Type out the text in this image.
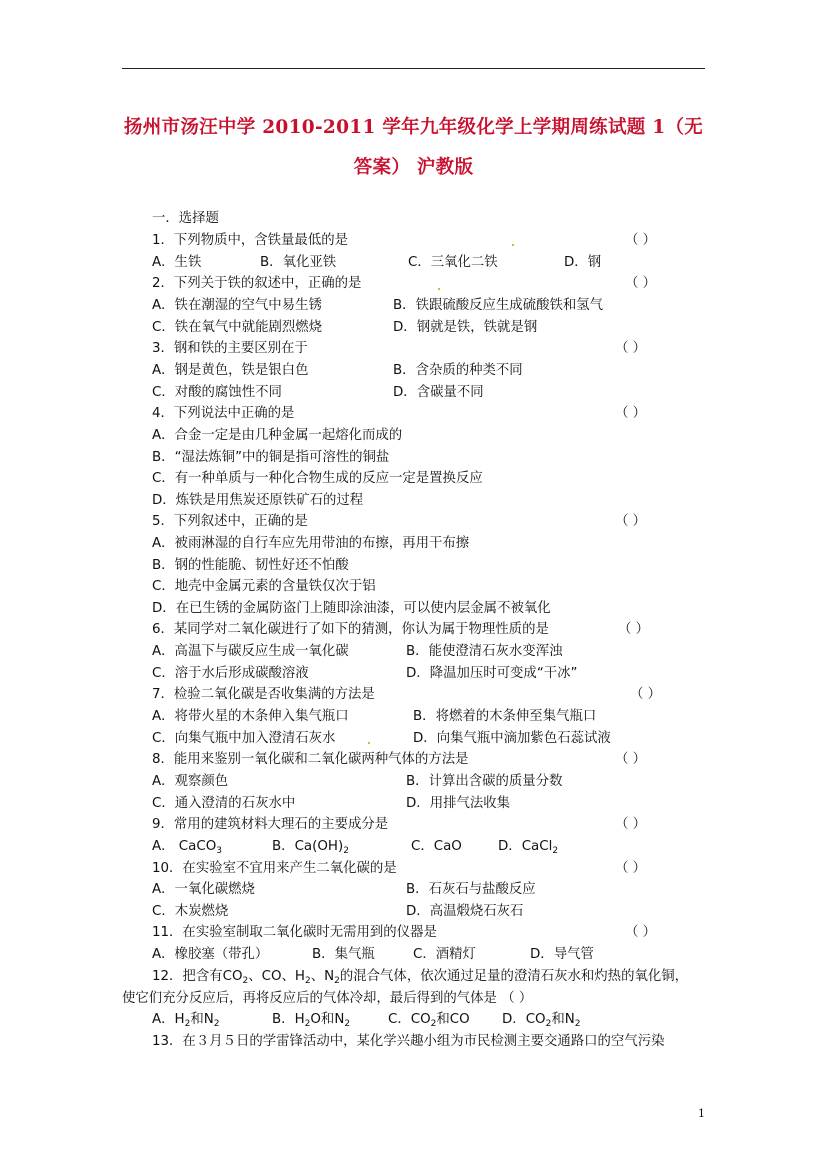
扬州市汤汪中学 2010-2011 学年九年级化学上学期周练试题 1（无
答案） 沪教版
一．选择题
1．下列物质中，含铁量最低的是	（ ）
A．生铁	B．氧化亚铁	C．三氧化二铁	D．钢
2．下列关于铁的叙述中，正确的是	（ ）
A．铁在潮湿的空气中易生锈	B．铁跟硫酸反应生成硫酸铁和氢气
C．铁在氧气中就能剧烈燃烧	D．钢就是铁，铁就是钢
3．钢和铁的主要区别在于	（ ）
A．钢是黄色，铁是银白色	B．含杂质的种类不同
C．对酸的腐蚀性不同	D．含碳量不同
4．下列说法中正确的是	（ ）
A．合金一定是由几种金属一起熔化而成的
B．“湿法炼铜”中的铜是指可溶性的铜盐
C．有一种单质与一种化合物生成的反应一定是置换反应
D．炼铁是用焦炭还原铁矿石的过程
5．下列叙述中，正确的是	（ ）
A．被雨淋湿的自行车应先用带油的布擦，再用干布擦
B．钢的性能脆、韧性好还不怕酸
C．地壳中金属元素的含量铁仅次于铝
D．在已生锈的金属防盗门上随即涂油漆，可以使内层金属不被氧化
6．某同学对二氧化碳进行了如下的猜测，你认为属于物理性质的是	（ ）
A．高温下与碳反应生成一氧化碳	B．能使澄清石灰水变浑浊
C．溶于水后形成碳酸溶液	D．降温加压时可变成“干冰”
7．检验二氧化碳是否收集满的方法是	（ ）
A．将带火星的木条伸入集气瓶口	B．将燃着的木条伸至集气瓶口
C．向集气瓶中加入澄清石灰水	D．向集气瓶中滴加紫色石蕊试液
8．能用来鉴别一氧化碳和二氧化碳两种气体的方法是	（ ）
A．观察颜色	B．计算出含碳的质量分数
C．通入澄清的石灰水中	D．用排气法收集
9．常用的建筑材料大理石的主要成分是	（ ）
A． CaCO$_3$	B．$Ca(OH)_2$	C．CaO	D．CaCl$_2$
10．在实验室不宜用来产生二氧化碳的是	（ ）
A．一氧化碳燃烧	B．石灰石与盐酸反应
C．木炭燃烧	D．高温煅烧石灰石
11．在实验室制取二氧化碳时无需用到的仪器是	（ ）
A．橡胶塞（带孔）	B．集气瓶	C．酒精灯	D．导气管
12．把含有$CO_2$、CO、$H_2$、$N_2$的混合气体，依次通过足量的澄清石灰水和灼热的氧化铜，
使它们充分反应后，再将反应后的气体冷却，最后得到的气体是 （ ）
A．$H_2$和$N_2$	B．$H_2O$和$N_2$	C．$CO_2$和CO D．$CO_2$和$N_2$
13．在３月５日的学雷锋活动中，某化学兴趣小组为市民检测主要交通路口的空气污染
1
